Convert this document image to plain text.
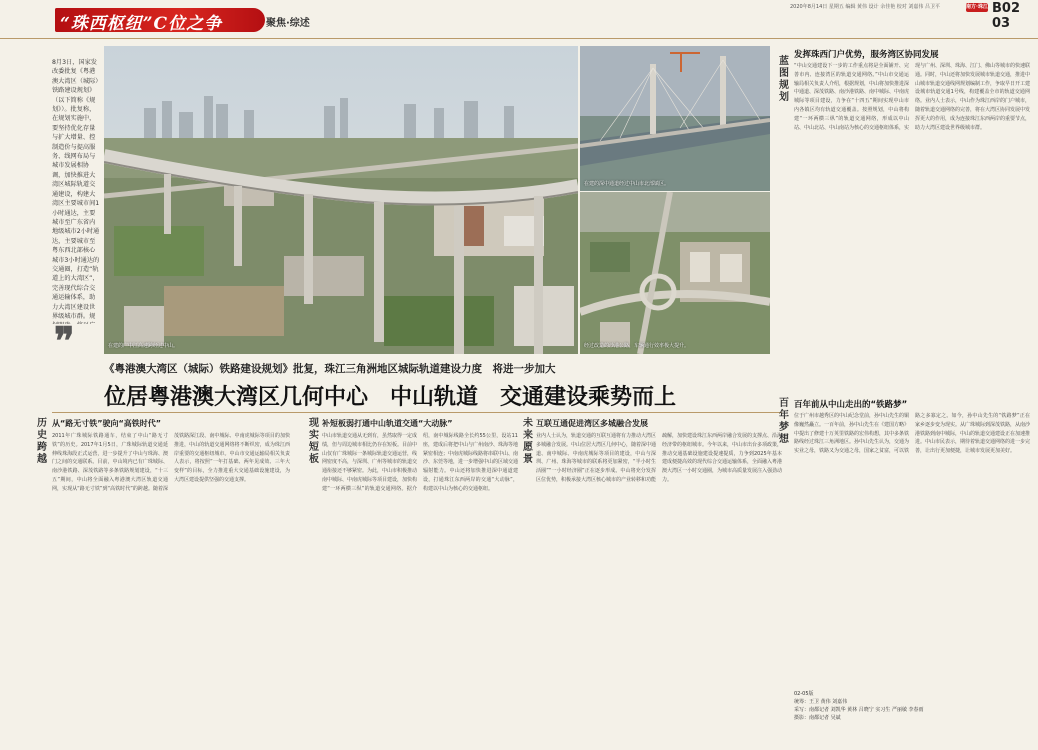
“珠西枢纽”C位之争	聚焦·综述
2020年8月14日 星期五 编辑 黄伟 设计 余佳艳 校对 刘嘉伟 吕卫平	南方·珠江 B02 03
8月3日，国家发改委批复《粤港澳大湾区（城际）铁路建设规划》（以下简称《规划》）。批复称，在规划实施中，要坚持优化存量与扩大增量、控制造价与提高服务、线网布局与城市发展相协调，加快推进大湾区城际轨道交通建设，构建大湾区主要城市间1小时通达，主要城市至广东省内地级城市2小时通达，主要城市至粤东西北部核心城市3小时通达的交通圈，打造“轨道上的大湾区”，完善现代综合交通运输体系，助力大湾区建设世界级城市群。规
❞	在建的广中江高速跨经过中山。
在建的深中通道经过中山市北部镇区。
经过改造的沙港公路，车辆通行效率极大提升。
《粤港澳大湾区（城际）铁路建设规划》批复，珠江三角洲地区城际轨道建设力度　将进一步加大
位居粤港澳大湾区几何中心　中山轨道　交通建设乘势而上
历史跨越
从“路无寸铁”驶向“高铁时代”
2011年广珠城际铁路通车，结束了中山“路无寸铁”的历史。2017年1月5日，广珠城际轨道交通延伸线珠海段正式运营，进一步提升了中山与珠海、澳门之间的交通联系。目前，中山境内已有广珠城际、南沙港铁路、深茂铁路等多条铁路规划建设，“十三五”期间，中山将全面融入粤港澳大湾区轨道交通网，实现从“路无寸铁”到“高铁时代”的跨越。随着深茂铁路深江段、南中城际、中南虎城际等项目的加快推进，中山的轨道交通网络将不断织密，成为珠江西岸重要的交通枢纽城市。中山市交通运输局相关负责人表示，将按照“一年打基础、两年见成效、三年大变样”的目标，全力推进重大交通基础设施建设，为大湾区建设提供坚强的交通支撑。
现实短板
补短板弱打通中山轨道交通“大动脉”
中山市轨道交通从无到有，虽然取得一定成绩，但与周边城市相比仍存在短板。目前中山仅有广珠城际一条城际轨道交通运营，线网密度不高，与深圳、广州等城市的轨道交通衔接还不够紧密。为此，中山市积极推动南中城际、中南虎城际等项目建设，加快构建“一环两横三纵”的轨道交通网络。据介绍，南中城际线路全长约55公里，设站11座，建成后将把中山与广州南沙、珠海等地紧密相连；中南虎城际线路将串联中山、南沙、东莞等地，进一步增强中山的区域交通辐射能力。中山还将加快推进深中通道建设，打通珠江东西两岸的交通“大动脉”，构建以中山为核心的交通枢纽。
未来愿景
互联互通促进湾区多城融合发展
业内人士认为，轨道交通的互联互通将有力推动大湾区多城融合发展。中山位居大湾区几何中心，随着深中通道、南中城际、中南虎城际等项目的建设，中山与深圳、广州、珠海等城市的联系将更加紧密，“半小时生活圈”“一小时经济圈”正在逐步形成。中山将充分发挥区位优势，积极承接大湾区核心城市的产业转移和功能疏解，加快建设珠江东西两岸融合发展的支撑点、沿海经济带的枢纽城市。今年以来，中山市出台多项政策，推动交通基础设施建设提速提质，力争到2025年基本建成便捷高效的现代综合交通运输体系，全面融入粤港澳大湾区一小时交通圈，为城市高质量发展注入强劲动力。
蓝图规划
发挥珠西门户优势，服务湾区协同发展
“中山交通建设下一步的工作重点将是全面铺开、完善市内、连接湾区的轨道交通网络。”中山市交通运输局相关负责人介绍，根据规划，中山将加快推进深中通道、深茂铁路、南沙港铁路、南中城际、中南虎城际等项目建设，力争在“十四五”期间实现中山市内各镇区均有轨道交通覆盖。按照规划，中山将构建“一环两横三纵”的轨道交通网络，形成以中山站、中山北站、中山南站为核心的交通枢纽体系，实现与广州、深圳、珠海、江门、佛山等城市的快速联通。同时，中山还将加快发展城市轨道交通，推进中山城市轨道交通线网规划编制工作，争取早日开工建设城市轨道交通1号线，构建覆盖全市的轨道交通网络。业内人士表示，中山作为珠江西岸的门户城市，随着轨道交通网络的完善，将在大湾区协同发展中发挥更大的作用，成为连接珠江东西两岸的重要节点，助力大湾区建设世界级城市群。
百年梦想
百年前从中山走出的“铁路梦”
位于广州市越秀区的中山纪念堂前，孙中山先生的铜像巍然矗立。一百年前，孙中山先生在《建国方略》中提出了修建十万英里铁路的宏伟构想，其中多条铁路线经过珠江三角洲地区。孙中山先生认为，交通为实业之母，铁路又为交通之母，国家之贫富，可以铁路之多寡定之。如今，孙中山先生的“铁路梦”正在家乡逐步变为现实。从广珠城际到深茂铁路，从南沙港铁路到南中城际，中山的轨道交通建设正在加速推进。中山市民表示，期待着轨道交通网络的进一步完善，让出行更加便捷，让城市发展更加美好。
02-05版
统筹：王卫 黄伟 刘嘉伟
采写：南都记者 刘凯华 黄林 吕晓宁 实习生 严丽敏 李春雨
摄影：南都记者 吴斌
